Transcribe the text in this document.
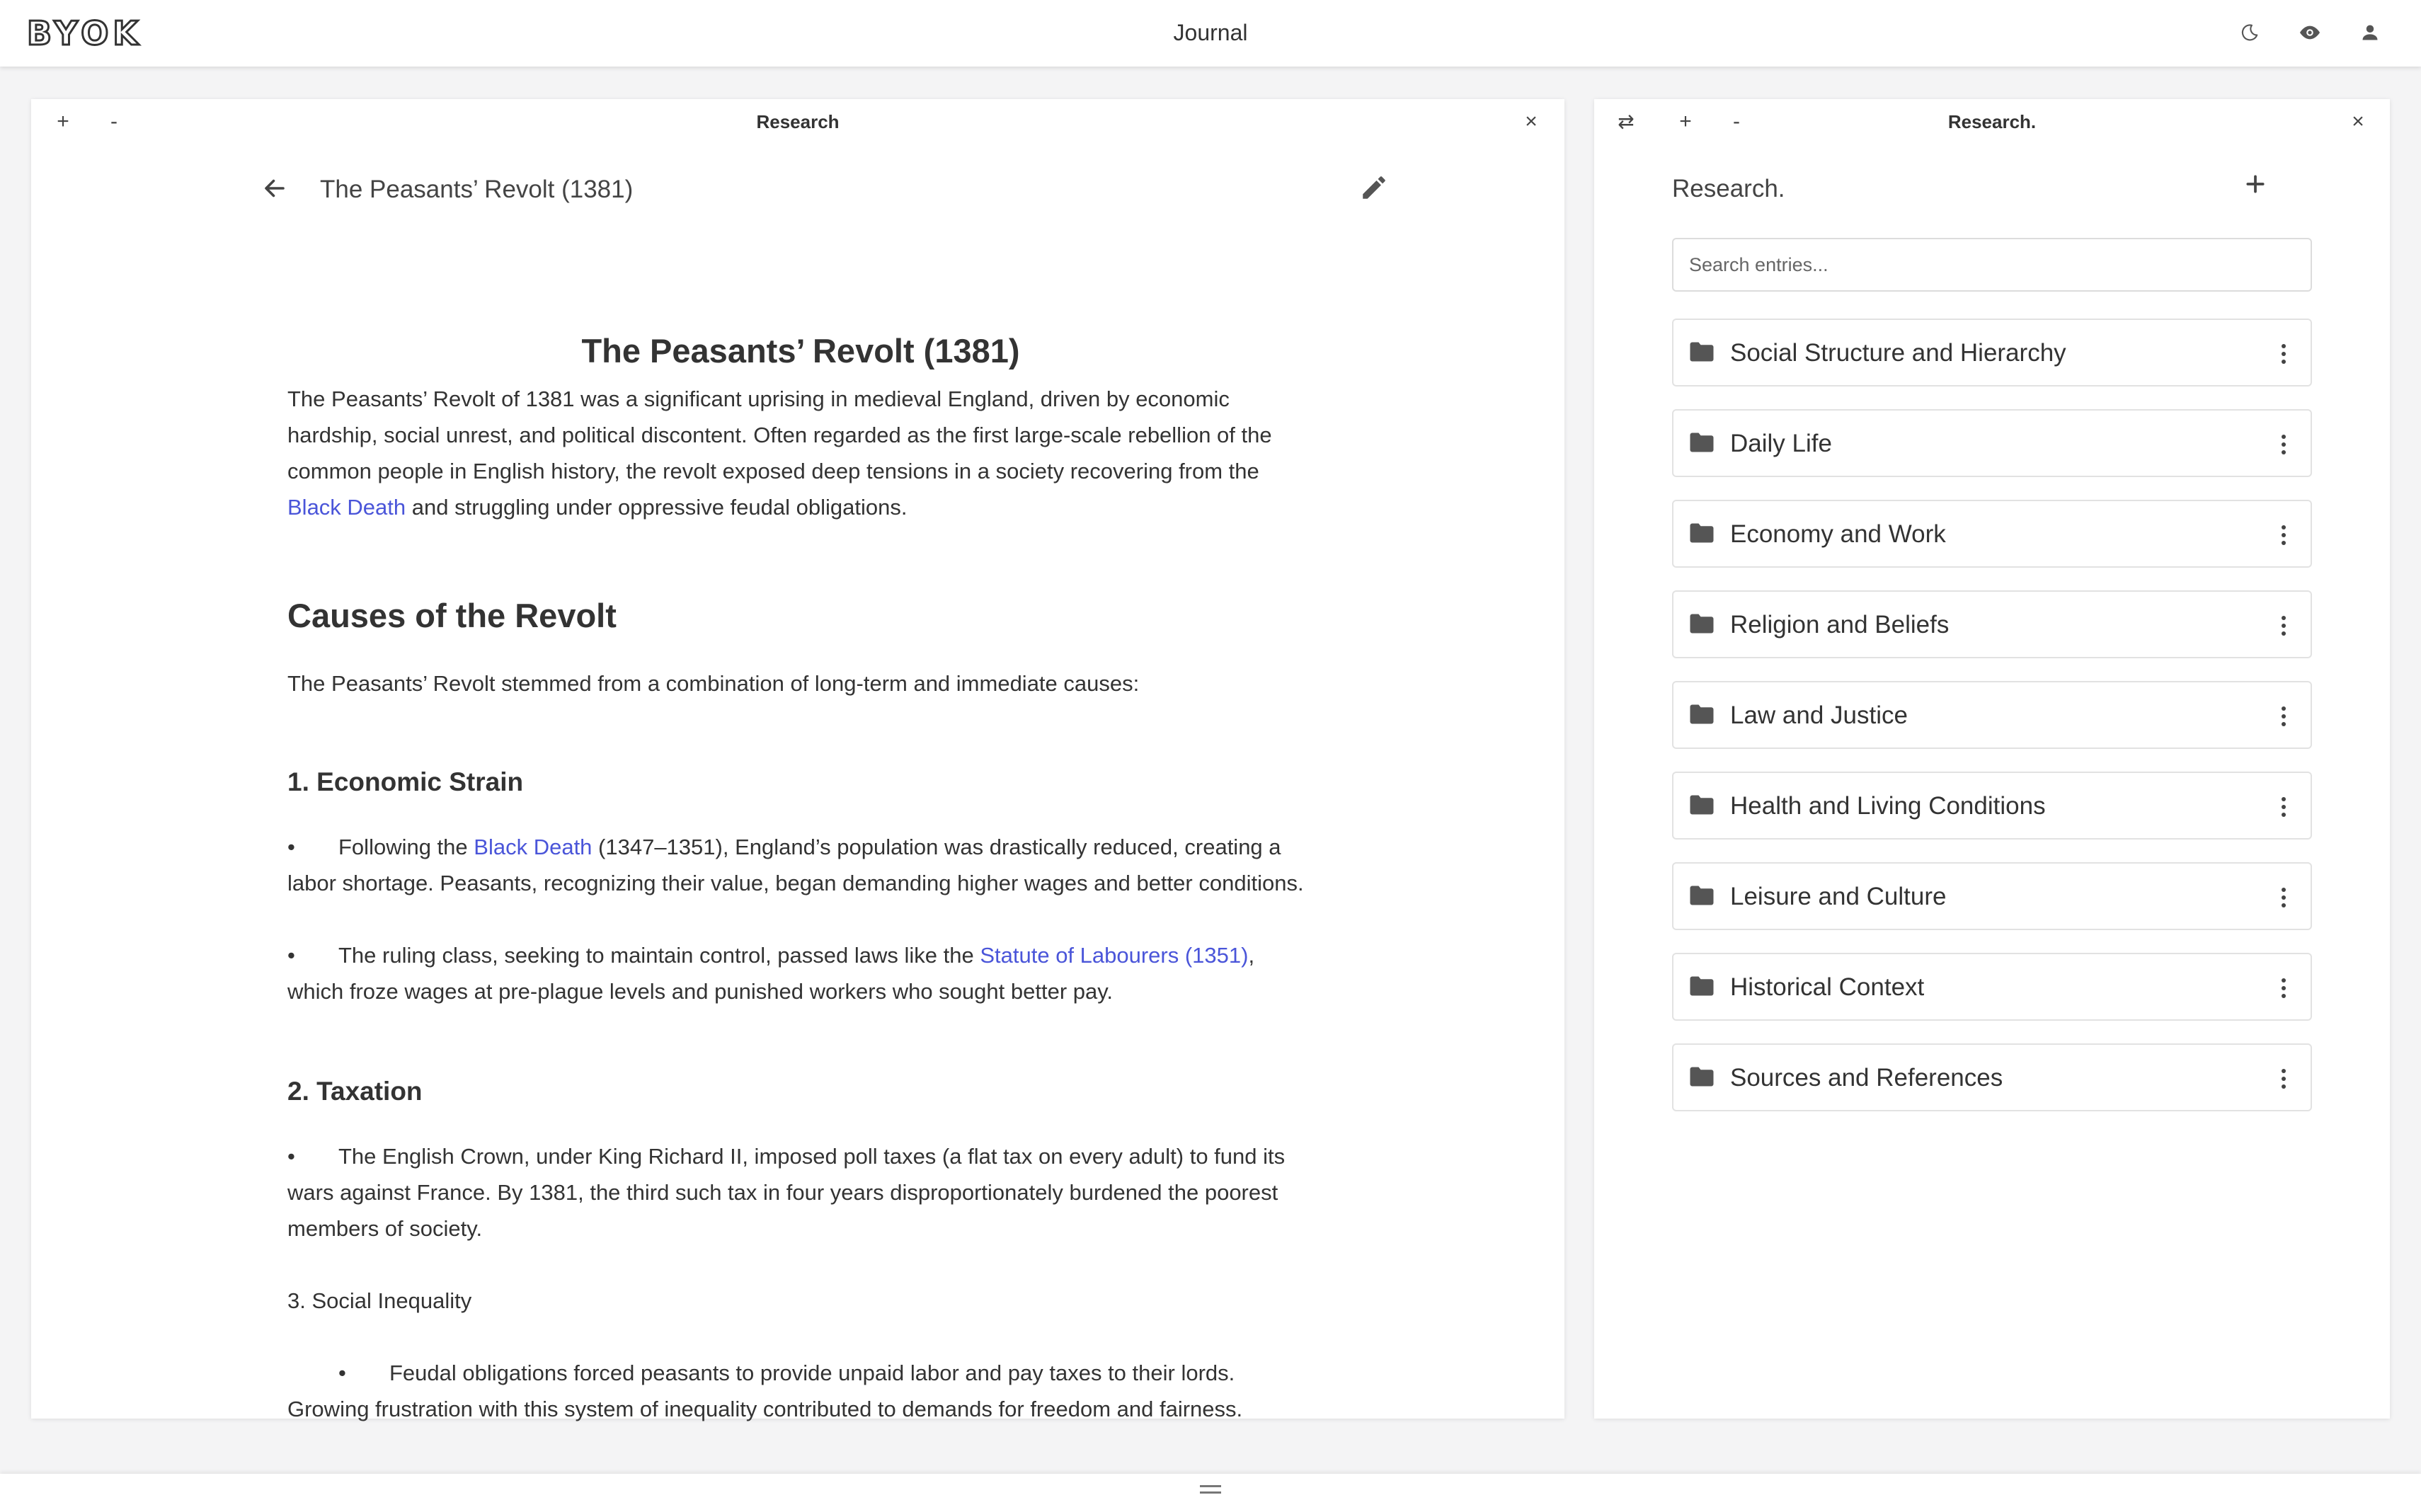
BYOK	Journal
+	-	Research	×
The Peasants’ Revolt (1381)
The Peasants’ Revolt (1381)

The Peasants’ Revolt of 1381 was a significant uprising in medieval England, driven by economic hardship, social unrest, and political discontent. Often regarded as the first large-scale rebellion of the common people in English history, the revolt exposed deep tensions in a society recovering from the Black Death and struggling under oppressive feudal obligations.

Causes of the Revolt

The Peasants’ Revolt stemmed from a combination of long-term and immediate causes:

1. Economic Strain

• Following the Black Death (1347–1351), England’s population was drastically reduced, creating a labor shortage. Peasants, recognizing their value, began demanding higher wages and better conditions.

• The ruling class, seeking to maintain control, passed laws like the Statute of Labourers (1351), which froze wages at pre-plague levels and punished workers who sought better pay.

2. Taxation

• The English Crown, under King Richard II, imposed poll taxes (a flat tax on every adult) to fund its wars against France. By 1381, the third such tax in four years disproportionately burdened the poorest members of society.

3. Social Inequality

• Feudal obligations forced peasants to provide unpaid labor and pay taxes to their lords. Growing frustration with this system of inequality contributed to demands for freedom and fairness.

⇄ +	-	Research.	×
Research.
Search entries...
Social Structure and Hierarchy
Daily Life
Economy and Work
Religion and Beliefs
Law and Justice
Health and Living Conditions
Leisure and Culture
Historical Context
Sources and References
